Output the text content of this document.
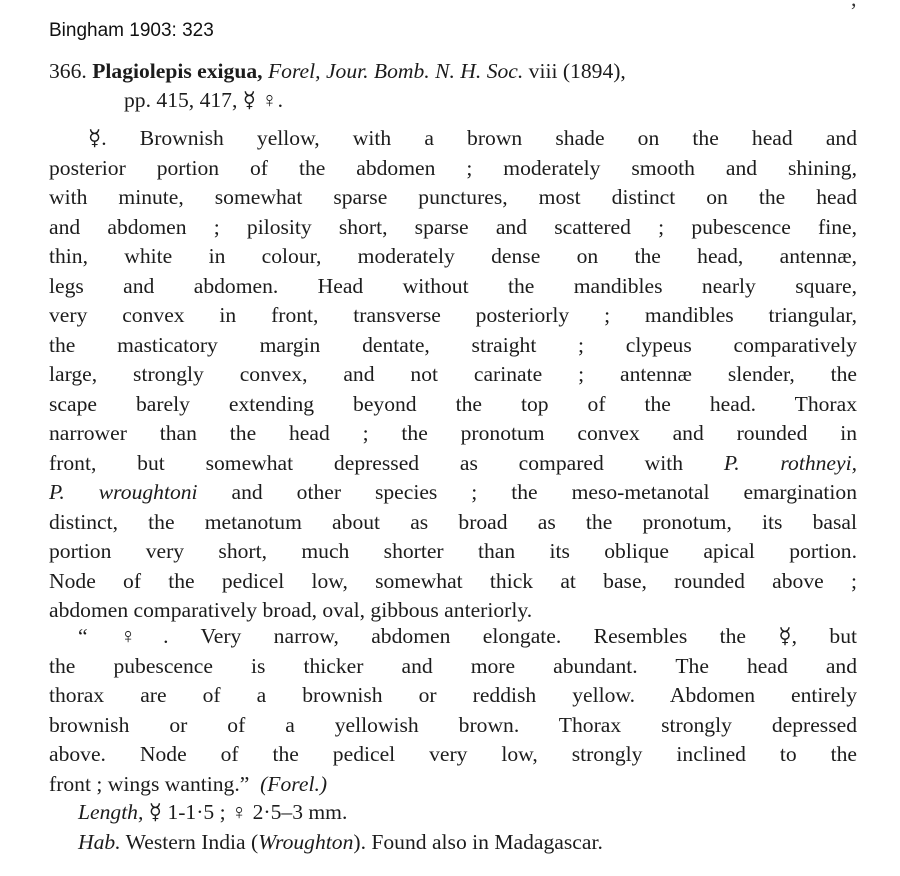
Bingham 1903: 323
366. Plagiolepis exigua, Forel, Jour. Bomb. N. H. Soc. viii (1894),
pp. 415, 417, ☿ ♀.
☿. Brownish yellow, with a brown shade on the head and
posterior portion of the abdomen ; moderately smooth and shining,
with minute, somewhat sparse punctures, most distinct on the head
and abdomen ; pilosity short, sparse and scattered ; pubescence fine,
thin, white in colour, moderately dense on the head, antennæ,
legs and abdomen. Head without the mandibles nearly square,
very convex in front, transverse posteriorly ; mandibles triangular,
the masticatory margin dentate, straight ; clypeus comparatively
large, strongly convex, and not carinate ; antennæ slender, the
scape barely extending beyond the top of the head. Thorax
narrower than the head ; the pronotum convex and rounded in
front, but somewhat depressed as compared with P. rothneyi,
P. wroughtoni and other species ; the meso-metanotal emargination
distinct, the metanotum about as broad as the pronotum, its basal
portion very short, much shorter than its oblique apical portion.
Node of the pedicel low, somewhat thick at base, rounded above ;
abdomen comparatively broad, oval, gibbous anteriorly.
“ ♀. Very narrow, abdomen elongate. Resembles the ☿, but
the pubescence is thicker and more abundant. The head and
thorax are of a brownish or reddish yellow. Abdomen entirely
brownish or of a yellowish brown. Thorax strongly depressed
above. Node of the pedicel very low, strongly inclined to the
front ; wings wanting.” (Forel.)
Length, ☿ 1-1·5 ; ♀ 2·5–3 mm.
Hab. Western India (Wroughton). Found also in Madagascar.
